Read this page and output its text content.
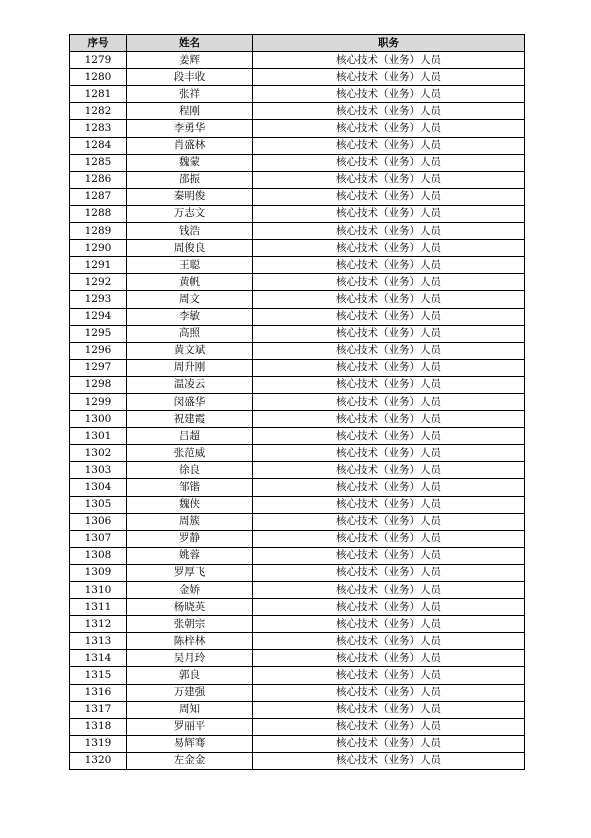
序号	姓名	职务
1279	姜辉	核心技术（业务）人员
1280	段丰收	核心技术（业务）人员
1281	张祥	核心技术（业务）人员
1282	程刚	核心技术（业务）人员
1283	李勇华	核心技术（业务）人员
1284	肖盛林	核心技术（业务）人员
1285	魏蒙	核心技术（业务）人员
1286	邵振	核心技术（业务）人员
1287	秦明俊	核心技术（业务）人员
1288	万志文	核心技术（业务）人员
1289	钱浩	核心技术（业务）人员
1290	周俊良	核心技术（业务）人员
1291	王聪	核心技术（业务）人员
1292	黄帆	核心技术（业务）人员
1293	周文	核心技术（业务）人员
1294	李敏	核心技术（业务）人员
1295	高照	核心技术（业务）人员
1296	黄文斌	核心技术（业务）人员
1297	周升刚	核心技术（业务）人员
1298	温凌云	核心技术（业务）人员
1299	闵盛华	核心技术（业务）人员
1300	祝建霞	核心技术（业务）人员
1301	吕超	核心技术（业务）人员
1302	张范威	核心技术（业务）人员
1303	徐良	核心技术（业务）人员
1304	邹锴	核心技术（业务）人员
1305	魏侠	核心技术（业务）人员
1306	周簇	核心技术（业务）人员
1307	罗静	核心技术（业务）人员
1308	姚蓉	核心技术（业务）人员
1309	罗厚飞	核心技术（业务）人员
1310	金娇	核心技术（业务）人员
1311	杨晓英	核心技术（业务）人员
1312	张朝宗	核心技术（业务）人员
1313	陈梓林	核心技术（业务）人员
1314	吴月玲	核心技术（业务）人员
1315	郭良	核心技术（业务）人员
1316	万建强	核心技术（业务）人员
1317	周知	核心技术（业务）人员
1318	罗丽平	核心技术（业务）人员
1319	易辉骞	核心技术（业务）人员
1320	左金金	核心技术（业务）人员
